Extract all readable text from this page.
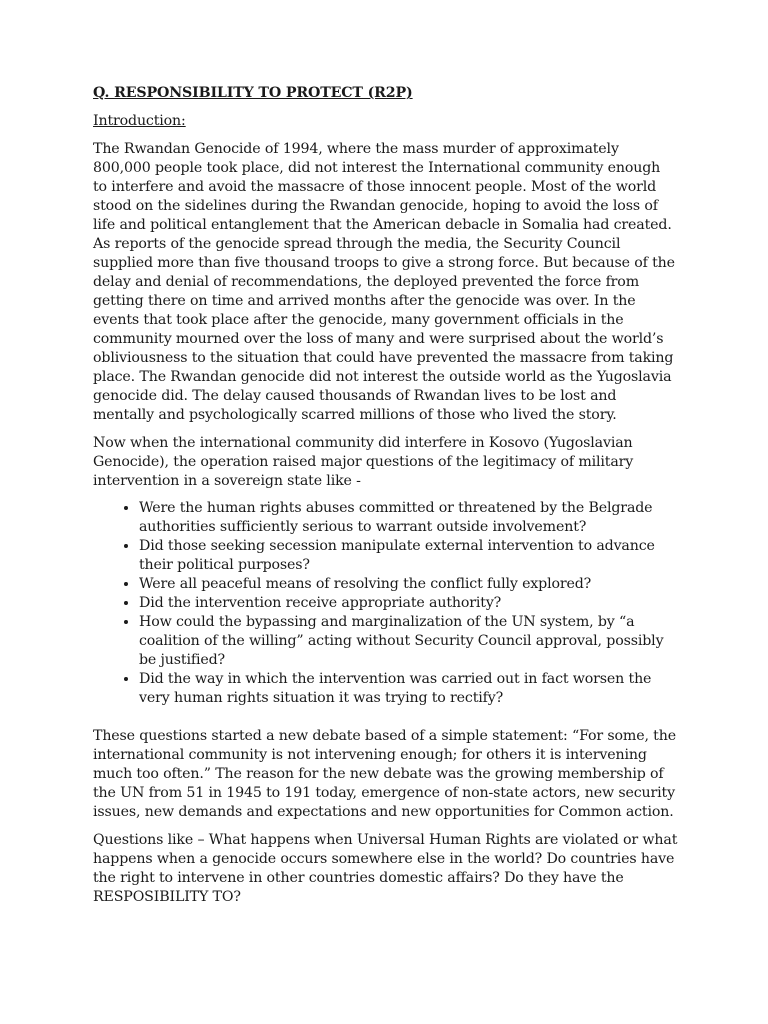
Q. RESPONSIBILITY TO PROTECT (R2P)
Introduction:

The Rwandan Genocide of 1994, where the mass murder of approximately 800,000 people took place, did not interest the International community enough to interfere and avoid the massacre of those innocent people. Most of the world stood on the sidelines during the Rwandan genocide, hoping to avoid the loss of life and political entanglement that the American debacle in Somalia had created. As reports of the genocide spread through the media, the Security Council supplied more than five thousand troops to give a strong force. But because of the delay and denial of recommendations, the deployed prevented the force from getting there on time and arrived months after the genocide was over. In the events that took place after the genocide, many government officials in the community mourned over the loss of many and were surprised about the world’s obliviousness to the situation that could have prevented the massacre from taking place. The Rwandan genocide did not interest the outside world as the Yugoslavia genocide did. The delay caused thousands of Rwandan lives to be lost and mentally and psychologically scarred millions of those who lived the story.

Now when the international community did interfere in Kosovo (Yugoslavian Genocide), the operation raised major questions of the legitimacy of military intervention in a sovereign state like -

• Were the human rights abuses committed or threatened by the Belgrade authorities sufficiently serious to warrant outside involvement?
• Did those seeking secession manipulate external intervention to advance their political purposes?
• Were all peaceful means of resolving the conflict fully explored?
• Did the intervention receive appropriate authority?
• How could the bypassing and marginalization of the UN system, by “a coalition of the willing” acting without Security Council approval, possibly be justified?
• Did the way in which the intervention was carried out in fact worsen the very human rights situation it was trying to rectify?

These questions started a new debate based of a simple statement: “For some, the international community is not intervening enough; for others it is intervening much too often.” The reason for the new debate was the growing membership of the UN from 51 in 1945 to 191 today, emergence of non-state actors, new security issues, new demands and expectations and new opportunities for Common action.

Questions like – What happens when Universal Human Rights are violated or what happens when a genocide occurs somewhere else in the world? Do countries have the right to intervene in other countries domestic affairs? Do they have the RESPOSIBILITY TO?
